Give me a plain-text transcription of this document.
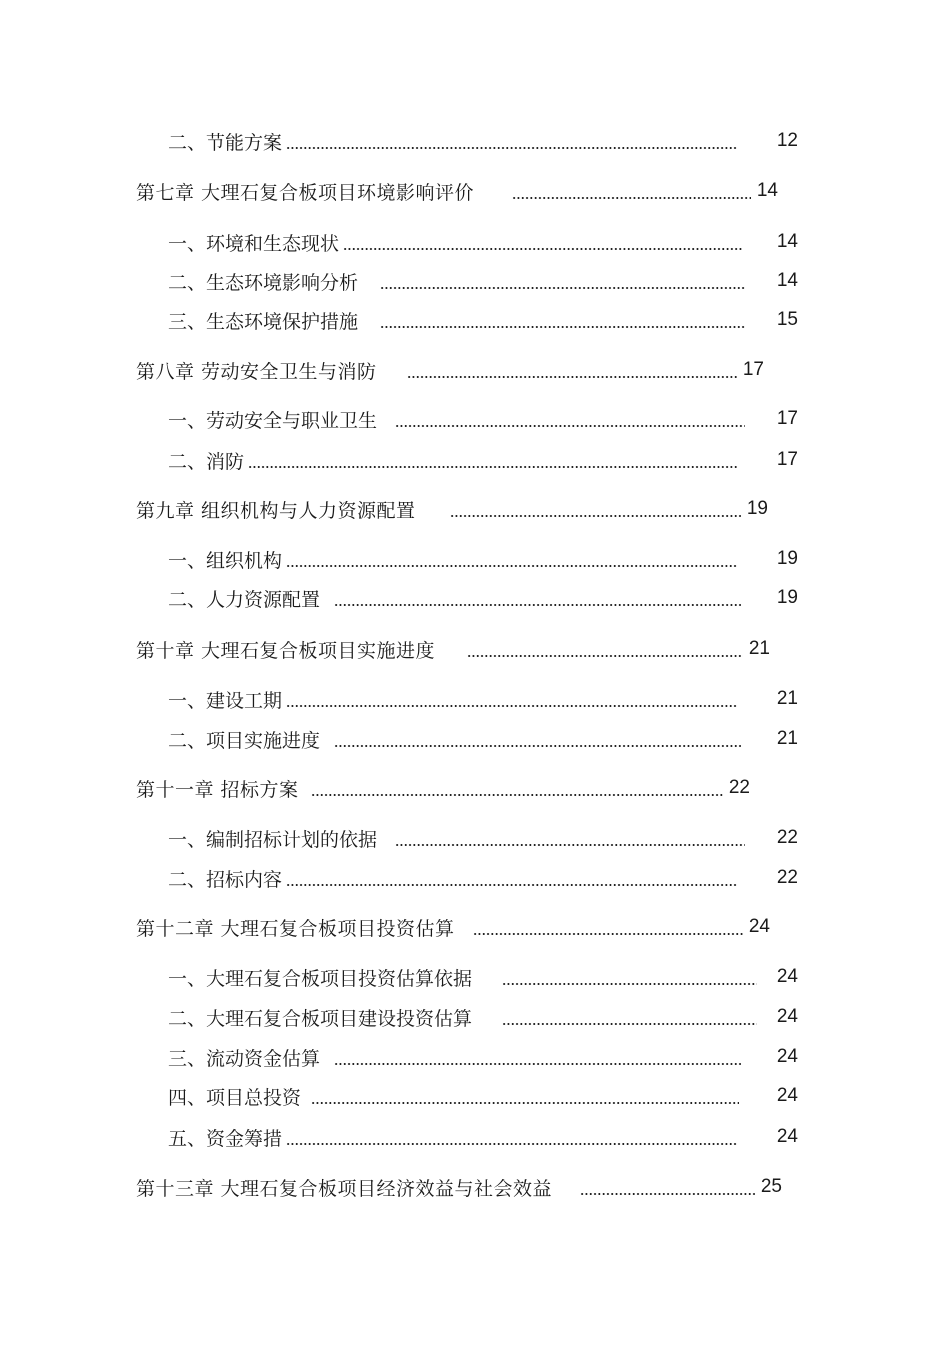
二、节能方案	12
第七章 大理石复合板项目环境影响评价	14
一、环境和生态现状	14
二、生态环境影响分析	14
三、生态环境保护措施	15
第八章 劳动安全卫生与消防	17
一、劳动安全与职业卫生	17
二、消防	17
第九章 组织机构与人力资源配置	19
一、组织机构	19
二、人力资源配置	19
第十章 大理石复合板项目实施进度	21
一、建设工期	21
二、项目实施进度	21
第十一章 招标方案	22
一、编制招标计划的依据	22
二、招标内容	22
第十二章 大理石复合板项目投资估算	24
一、大理石复合板项目投资估算依据	24
二、大理石复合板项目建设投资估算	24
三、流动资金估算	24
四、项目总投资	24
五、资金筹措	24
第十三章 大理石复合板项目经济效益与社会效益	25
